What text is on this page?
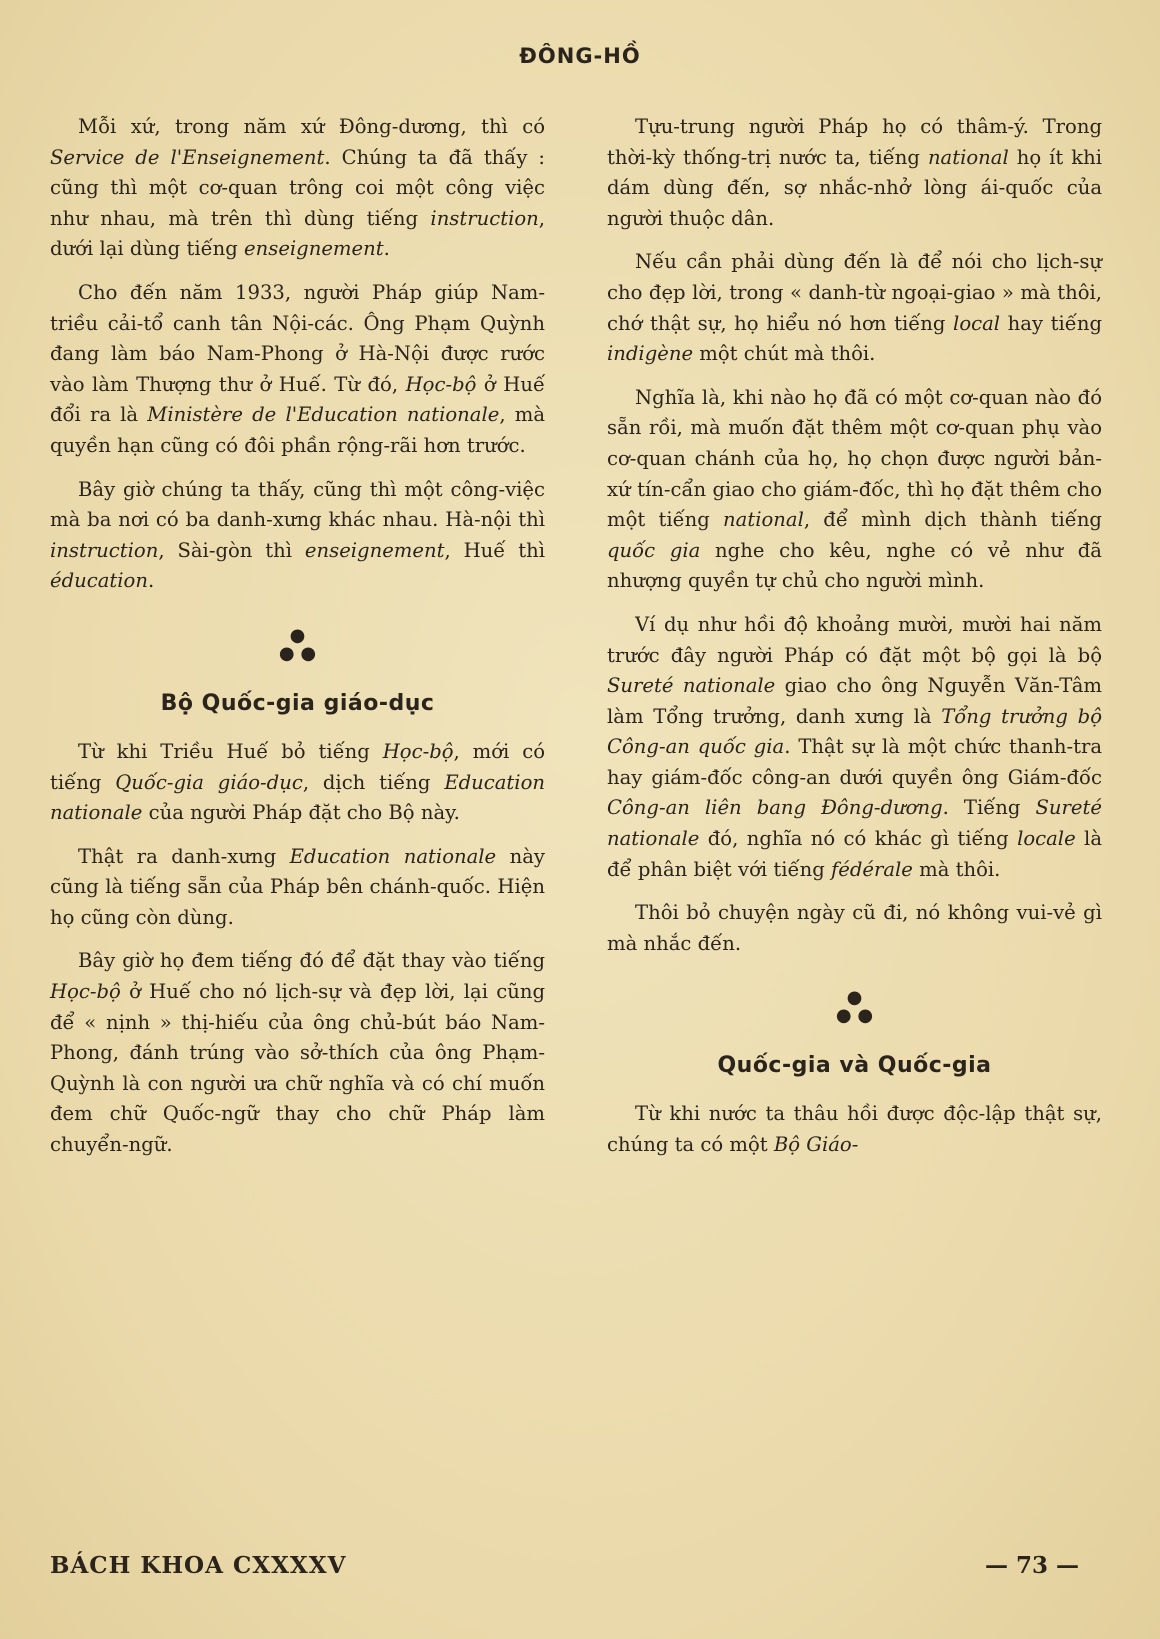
ĐÔNG-HỒ

Mỗi xứ, trong năm xứ Đông-dương, thì có Service de l'Enseignement. Chúng ta đã thấy : cũng thì một cơ-quan trông coi một công việc như nhau, mà trên thì dùng tiếng instruction, dưới lại dùng tiếng enseignement.

Cho đến năm 1933, người Pháp giúp Nam-triều cải-tổ canh tân Nội-các. Ông Phạm Quỳnh đang làm báo Nam-Phong ở Hà-Nội được rước vào làm Thượng thư ở Huế. Từ đó, Học-bộ ở Huế đổi ra là Ministère de l'Education nationale, mà quyền hạn cũng có đôi phần rộng-rãi hơn trước.

Bây giờ chúng ta thấy, cũng thì một công-việc mà ba nơi có ba danh-xưng khác nhau. Hà-nội thì instruction, Sài-gòn thì enseignement, Huế thì éducation.

●
● ●
Bộ Quốc-gia giáo-dục

Từ khi Triều Huế bỏ tiếng Học-bộ, mới có tiếng Quốc-gia giáo-dục, dịch tiếng Education nationale của người Pháp đặt cho Bộ này.

Thật ra danh-xưng Education nationale này cũng là tiếng sẵn của Pháp bên chánh-quốc. Hiện họ cũng còn dùng.

Bây giờ họ đem tiếng đó để đặt thay vào tiếng Học-bộ ở Huế cho nó lịch-sự và đẹp lời, lại cũng để « nịnh » thị-hiếu của ông chủ-bút báo Nam-Phong, đánh trúng vào sở-thích của ông Phạm-Quỳnh là con người ưa chữ nghĩa và có chí muốn đem chữ Quốc-ngữ thay cho chữ Pháp làm chuyển-ngữ.

Tựu-trung người Pháp họ có thâm-ý. Trong thời-kỳ thống-trị nước ta, tiếng national họ ít khi dám dùng đến, sợ nhắc-nhở lòng ái-quốc của người thuộc dân.

Nếu cần phải dùng đến là để nói cho lịch-sự cho đẹp lời, trong « danh-từ ngoại-giao » mà thôi, chớ thật sự, họ hiểu nó hơn tiếng local hay tiếng indigène một chút mà thôi.

Nghĩa là, khi nào họ đã có một cơ-quan nào đó sẵn rồi, mà muốn đặt thêm một cơ-quan phụ vào cơ-quan chánh của họ, họ chọn được người bản-xứ tín-cẩn giao cho giám-đốc, thì họ đặt thêm cho một tiếng national, để mình dịch thành tiếng quốc gia nghe cho kêu, nghe có vẻ như đã nhượng quyền tự chủ cho người mình.

Ví dụ như hồi độ khoảng mười, mười hai năm trước đây người Pháp có đặt một bộ gọi là bộ Sureté nationale giao cho ông Nguyễn Văn-Tâm làm Tổng trưởng, danh xưng là Tổng trưởng bộ Công-an quốc gia. Thật sự là một chức thanh-tra hay giám-đốc công-an dưới quyền ông Giám-đốc Công-an liên bang Đông-dương. Tiếng Sureté nationale đó, nghĩa nó có khác gì tiếng locale là để phân biệt với tiếng fédérale mà thôi.

Thôi bỏ chuyện ngày cũ đi, nó không vui-vẻ gì mà nhắc đến.

●
● ●
Quốc-gia và Quốc-gia

Từ khi nước ta thâu hồi được độc-lập thật sự, chúng ta có một Bộ Giáo-

BÁCH KHOA CXXXXV	— 73 —
